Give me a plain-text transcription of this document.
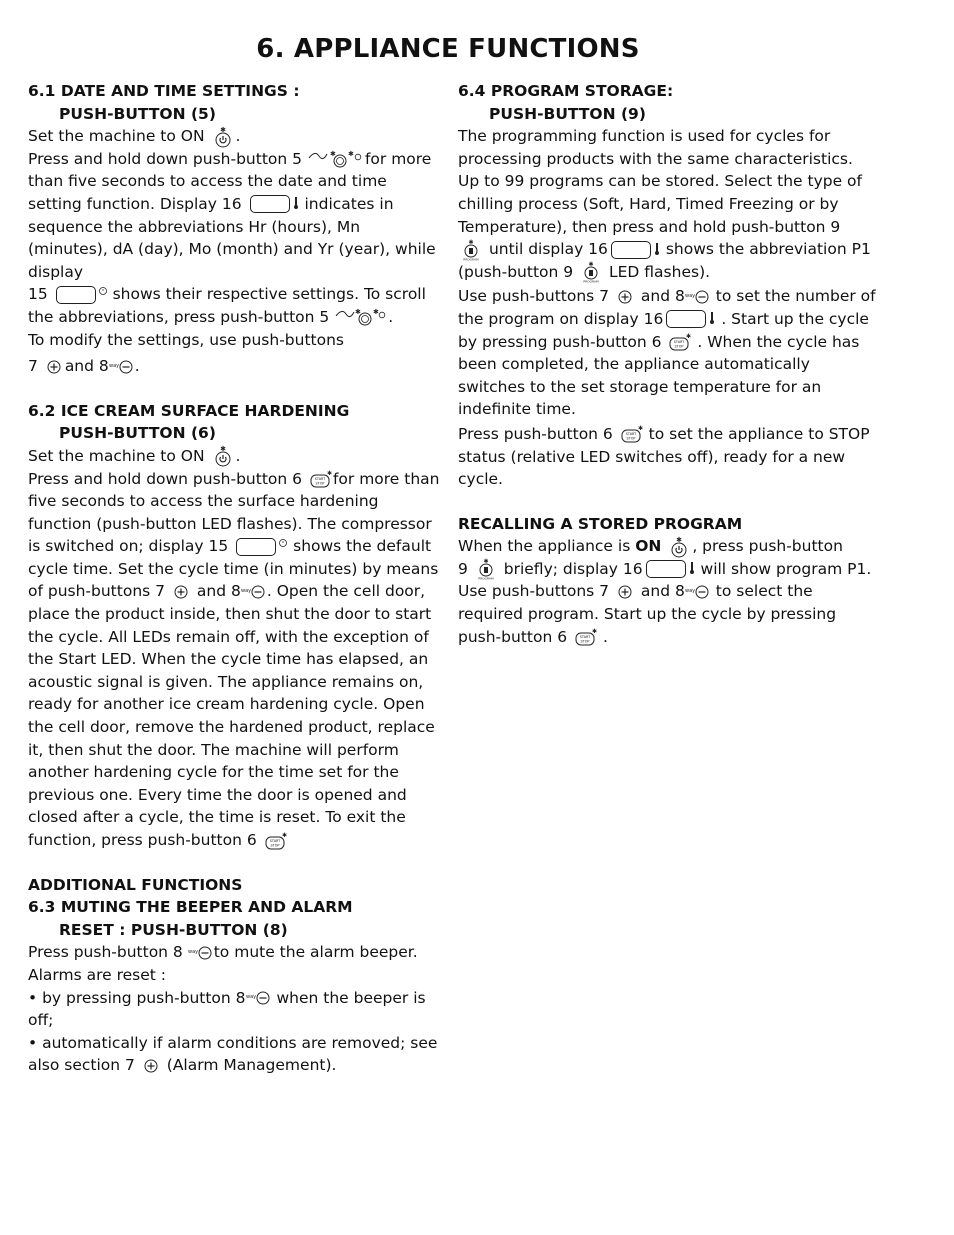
6. APPLIANCE FUNCTIONS
6.1 DATE AND TIME SETTINGS :
PUSH-BUTTON (5)

Set the machine to ON ✱ .

Press and hold down push-button 5	✱ ✱ for more than five seconds to access the date and time setting function. Display 16	indicates in sequence the abbreviations Hr (hours), Mn (minutes), dA (day), Mo (month) and Yr (year), while display
15	shows their respective settings. To scroll the abbreviations, press push-button 5	✱ ✱ .

To modify the settings, use push-buttons

7 and 8 way .

6.2 ICE CREAM SURFACE HARDENING
PUSH-BUTTON (6)

Set the machine to ON ✱ .

Press and hold down push-button 6	START
STOP
✱ for more than five seconds to access the surface hardening function (push-button LED flashes). The compressor is switched on; display 15	shows the default cycle time. Set the cycle time (in minutes) by means of push-buttons 7 and 8 way . Open the cell door, place the product inside, then shut the door to start the cycle. All LEDs remain off, with the exception of the Start LED. When the cycle time has elapsed, an acoustic signal is given. The appliance remains on, ready for another ice cream hardening cycle. Open the cell door, remove the hardened product, replace it, then shut the door. The machine will perform another hardening cycle for the time set for the previous one. Every time the door is opened and closed after a cycle, the time is reset. To exit the function, press push-button 6	START
STOP
✱

ADDITIONAL FUNCTIONS
6.3 MUTING THE BEEPER AND ALARM
RESET : PUSH-BUTTON (8)

Press push-button 8 way to mute the alarm beeper.

Alarms are reset :

• by pressing push-button 8 way when the beeper is off;

• automatically if alarm conditions are removed; see also section 7 (Alarm Management).

6.4 PROGRAM STORAGE:
PUSH-BUTTON (9)

The programming function is used for cycles for processing products with the same characteristics. Up to 99 programs can be stored. Select the type of chilling process (Soft, Hard, Timed Freezing or by Temperature), then press and hold push-button 9

✱
PROGRAM
until display 16	shows the abbreviation P1 (push-button 9	✱
PROGRAM
LED flashes).

Use push-buttons 7 and 8 way to set the number of the program on display 16	. Start up the cycle by pressing push-button 6	START
STOP
✱ . When the cycle has been completed, the appliance automatically switches to the set storage temperature for an indefinite time.

Press push-button 6	START
STOP
✱ to set the appliance to STOP status (relative LED switches off), ready for a new cycle.

RECALLING A STORED PROGRAM

When the appliance is ON ✱ , press push-button
9	✱
PROGRAM
briefly; display 16	will show program P1. Use push-buttons 7 and 8 way to select the required program. Start up the cycle by pressing push-button 6	START
STOP
✱ .
